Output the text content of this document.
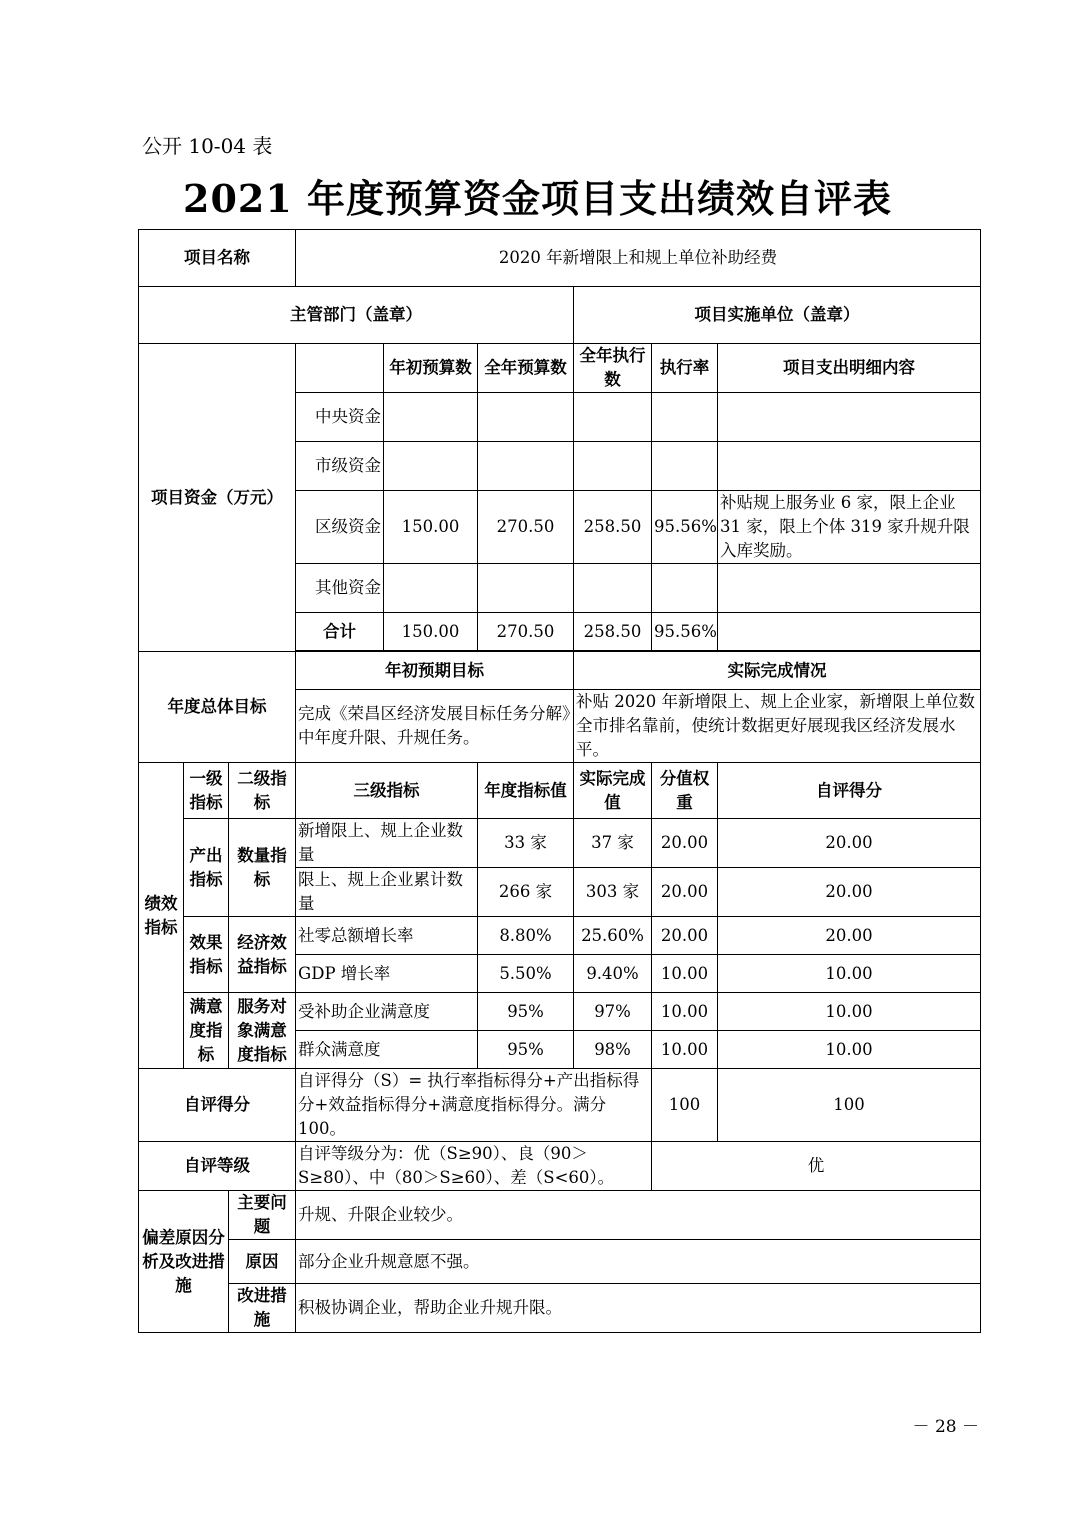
公开 10-04 表
2021 年度预算资金项目支出绩效自评表
项目名称			2020 年新增限上和规上单位补助经费					
主管部门（盖章）						项目实施单位（盖章）		
项目资金（万元）				年初预算数	全年预算数	全年执行数	执行率	项目支出明细内容
			中央资金					
			市级资金					
			区级资金	150.00	270.50	258.50	95.56%	补贴规上服务业 6 家，限上企业 31 家，限上个体 319 家升规升限入库奖励。
			其他资金					
			合计	150.00	270.50	258.50	95.56%	

年度总体目标			年初预期目标			实际完成情况		
			完成《荣昌区经济发展目标任务分解》中年度升限、升规任务。			补贴 2020 年新增限上、规上企业家，新增限上单位数全市排名靠前，使统计数据更好展现我区经济发展水平。		
绩效指标	一级指标	二级指标	三级指标		年度指标值	实际完成值	分值权重	自评得分
	产出指标	数量指标	新增限上、规上企业数量		33 家	37 家	20.00	20.00
			限上、规上企业累计数量		266 家	303 家	20.00	20.00
	效果指标	经济效益指标	社零总额增长率		8.80%	25.60%	20.00	20.00
			GDP 增长率		5.50%	9.40%	10.00	10.00
	满意度指标	服务对象满意度指标	受补助企业满意度		95%	97%	10.00	10.00
			群众满意度		95%	98%	10.00	10.00
自评得分			自评得分（S）= 执行率指标得分+产出指标得分+效益指标得分+满意度指标得分。满分 100。				100	100
自评等级			自评等级分为：优（S≥90）、良（90＞S≥80）、中（80＞S≥60）、差（S<60）。				优	
偏差原因分析及改进措施		主要问题	升规、升限企业较少。					
		原因	部分企业升规意愿不强。					
		改进措施	积极协调企业，帮助企业升规升限。					
－ 28 －
